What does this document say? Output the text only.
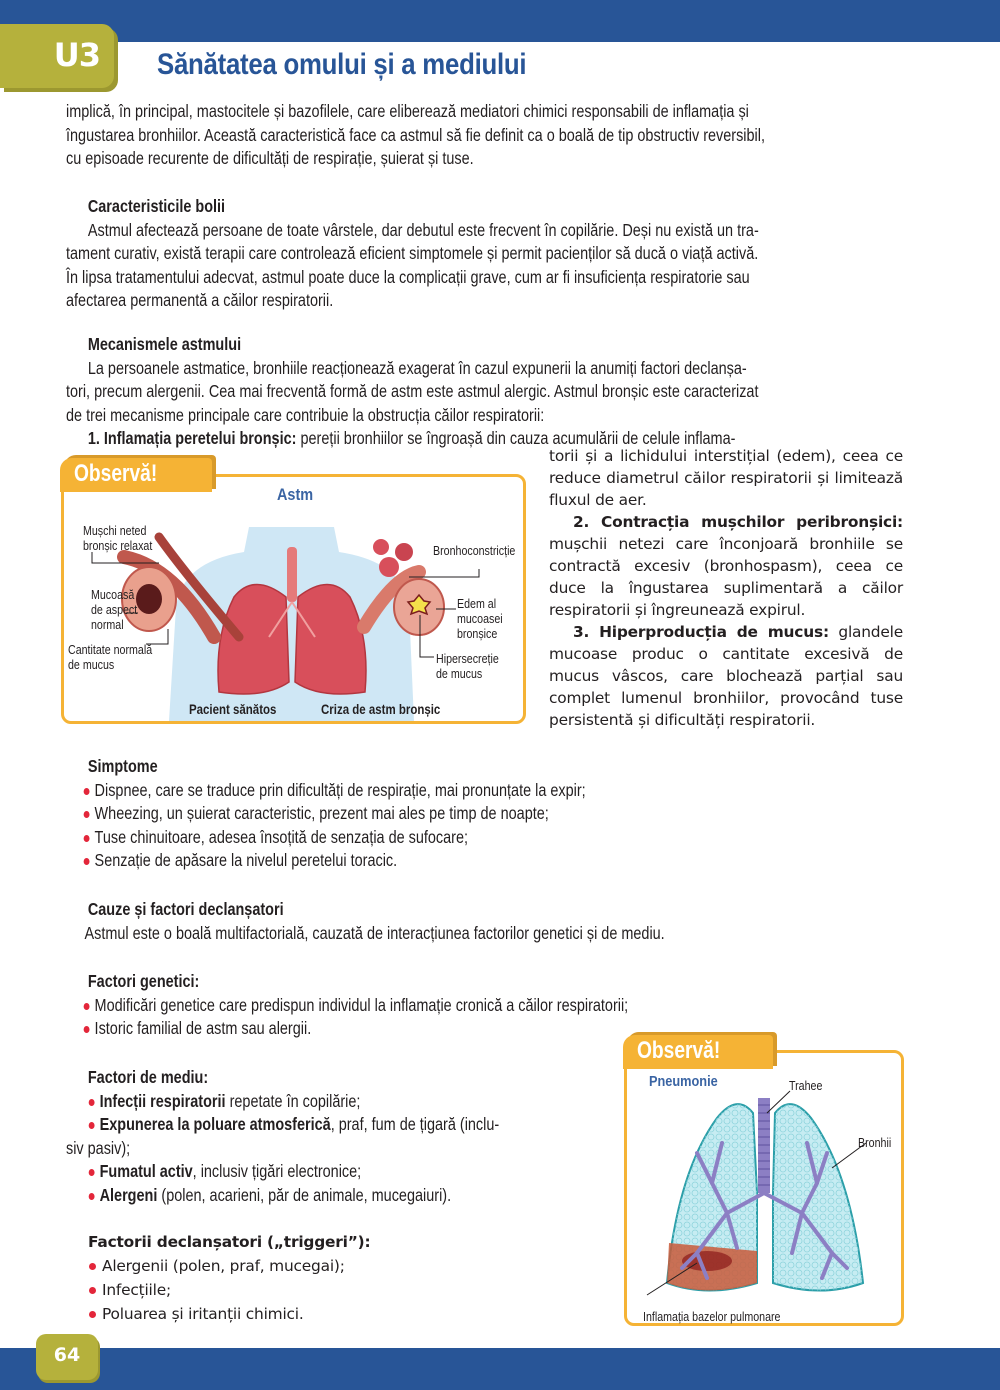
U3 Sănătatea omului și a mediului

implică, în principal, mastocitele și bazofilele, care eliberează mediatori chimici responsabili de inflamația și

îngustarea bronhiilor. Această caracteristică face ca astmul să fie definit ca o boală de tip obstructiv reversibil,

cu episoade recurente de dificultăți de respirație, șuierat și tuse.

Caracteristicile bolii

Astmul afectează persoane de toate vârstele, dar debutul este frecvent în copilărie. Deși nu există un tra-

tament curativ, există terapii care controlează eficient simptomele și permit pacienților să ducă o viață activă.

În lipsa tratamentului adecvat, astmul poate duce la complicații grave, cum ar fi insuficiența respiratorie sau

afectarea permanentă a căilor respiratorii.

Mecanismele astmului

La persoanele astmatice, bronhiile reacționează exagerat în cazul expunerii la anumiți factori declanșa-

tori, precum alergenii. Cea mai frecventă formă de astm este astmul alergic. Astmul bronșic este caracterizat

de trei mecanisme principale care contribuie la obstrucția căilor respiratorii:

1. Inflamația peretelui bronșic: pereții bronhiilor se îngroașă din cauza acumulării de celule inflama-

torii și a lichidului interstițial (edem), ceea ce reduce diametrul căilor respiratorii și limitează fluxul de aer.

2. Contracția mușchilor peribronșici: mușchii netezi care înconjoară bronhiile se contractă excesiv (bronhospasm), ceea ce duce la îngustarea suplimentară a căilor respiratorii și îngreunează expirul.

3. Hiperproducția de mucus: glandele mucoase produc o cantitate excesivă de mucus vâscos, care blochează parțial sau complet lumenul bronhiilor, provocând tuse persistentă și dificultăți respiratorii.

Astm
Mușchi neted
bronșic relaxat
Mucoasă
de aspect
normal
Cantitate normală
de mucus
Bronhoconstricție
Edem al
mucoasei
bronșice
Hipersecreție
de mucus
Pacient sănătos	Criza de astm bronșic
Observă!

Simptome

Dispnee, care se traduce prin dificultăți de respirație, mai pronunțate la expir;

Wheezing, un șuierat caracteristic, prezent mai ales pe timp de noapte;

Tuse chinuitoare, adesea însoțită de senzația de sufocare;

Senzație de apăsare la nivelul peretelui toracic.

Cauze și factori declanșatori

Astmul este o boală multifactorială, cauzată de interacțiunea factorilor genetici și de mediu.

Factori genetici:

Modificări genetice care predispun individul la inflamație cronică a căilor respiratorii;

Istoric familial de astm sau alergii.

Factori de mediu:

Infecții respiratorii repetate în copilărie;

Expunerea la poluare atmosferică, praf, fum de țigară (inclu-

siv pasiv);

Fumatul activ, inclusiv țigări electronice;

Alergeni (polen, acarieni, păr de animale, mucegaiuri).

Factorii declanșatori („triggeri”):

Alergenii (polen, praf, mucegai);

Infecțiile;

Poluarea și iritanții chimici.

Pneumonie	Trahee
Bronhii
Inflamația bazelor pulmonare
Observă!
64
